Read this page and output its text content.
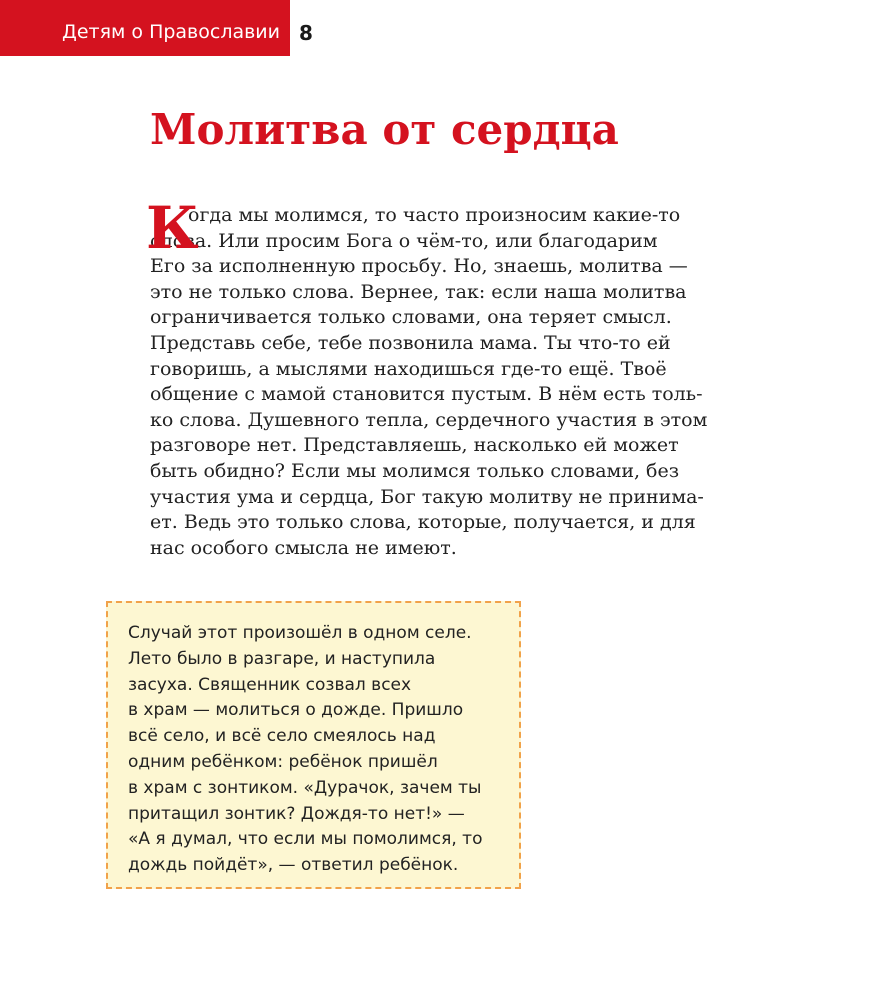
Детям о Православии 8
Молитва от сердца
К
огда мы молимся, то часто произносим какие-то
слова. Или просим Бога о чём-то, или благодарим
Его за исполненную просьбу. Но, знаешь, молитва —
это не только слова. Вернее, так: если наша молитва
ограничивается только словами, она теряет смысл.
Представь себе, тебе позвонила мама. Ты что-то ей
говоришь, а мыслями находишься где-то ещё. Твоё
общение с мамой становится пустым. В нём есть толь-
ко слова. Душевного тепла, сердечного участия в этом
разговоре нет. Представляешь, насколько ей может
быть обидно? Если мы молимся только словами, без
участия ума и сердца, Бог такую молитву не принима-
ет. Ведь это только слова, которые, получается, и для
нас особого смысла не имеют.
Случай этот произошёл в одном селе.
Лето было в разгаре, и наступила
засуха. Священник созвал всех
в храм — молиться о дожде. Пришло
всё село, и всё село смеялось над
одним ребёнком: ребёнок пришёл
в храм с зонтиком. «Дурачок, зачем ты
притащил зонтик? Дождя-то нет!» —
«А я думал, что если мы помолимся, то
дождь пойдёт», — ответил ребёнок.
